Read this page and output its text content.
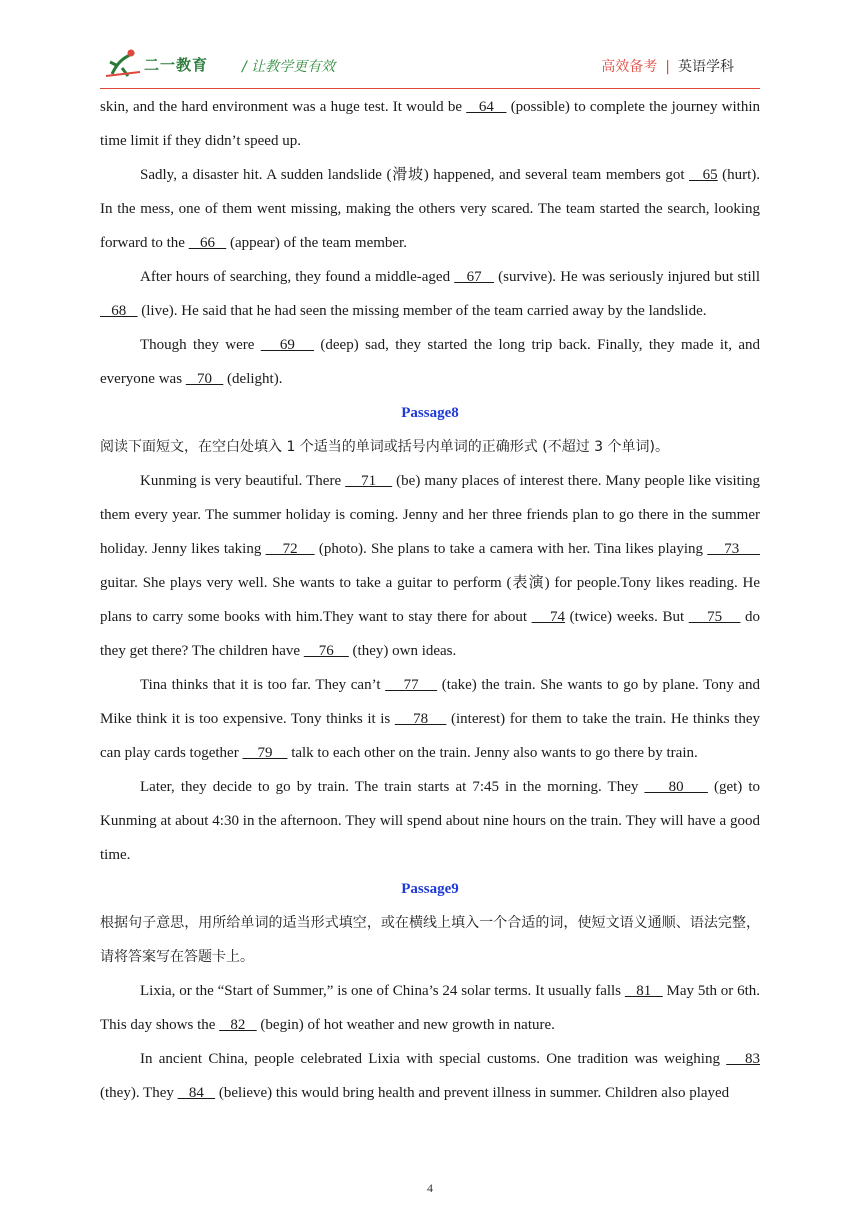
二一教育 / 让教学更有效	高效备考 | 英语学科

skin, and the hard environment was a huge test. It would be    64    (possible) to complete the journey within time limit if they didn’t speed up.

Sadly, a disaster hit. A sudden landslide (滑坡) happened, and several team members got    65 (hurt). In the mess, one of them went missing, making the others very scared. The team started the search, looking forward to the    66    (appear) of the team member.

After hours of searching, they found a middle-aged    67    (survive). He was seriously injured but still    68    (live). He said that he had seen the missing member of the team carried away by the landslide.

Though they were    69    (deep) sad, they started the long trip back. Finally, they made it, and everyone was    70    (delight).

Passage8

阅读下面短文，在空白处填入 1 个适当的单词或括号内单词的正确形式 (不超过 3 个单词)。

Kunming is very beautiful. There     71     (be) many places of interest there. Many people like visiting them every year. The summer holiday is coming. Jenny and her three friends plan to go there in the summer holiday. Jenny likes taking     72     (photo). She plans to take a camera with her. Tina likes playing     73      guitar. She plays very well. She wants to take a guitar to perform (表演) for people.Tony likes reading. He plans to carry some books with him.They want to stay there for about     74 (twice) weeks. But     75     do they get there? The children have     76     (they) own ideas.

Tina thinks that it is too far. They can’t     77     (take) the train. She wants to go by plane. Tony and Mike think it is too expensive. Tony thinks it is     78     (interest) for them to take the train. He thinks they can play cards together     79     talk to each other on the train. Jenny also wants to go there by train.

Later, they decide to go by train. The train starts at 7:45 in the morning. They     80     (get) to Kunming at about 4:30 in the afternoon. They will spend about nine hours on the train. They will have a good time.

Passage9

根据句子意思，用所给单词的适当形式填空，或在横线上填入一个合适的词，使短文语义通顺、语法完整，请将答案写在答题卡上。

Lixia, or the “Start of Summer,” is one of China’s 24 solar terms. It usually falls    81    May 5th or 6th. This day shows the    82    (begin) of hot weather and new growth in nature.

In ancient China, people celebrated Lixia with special customs. One tradition was weighing    83 (they). They    84    (believe) this would bring health and prevent illness in summer. Children also played

4
